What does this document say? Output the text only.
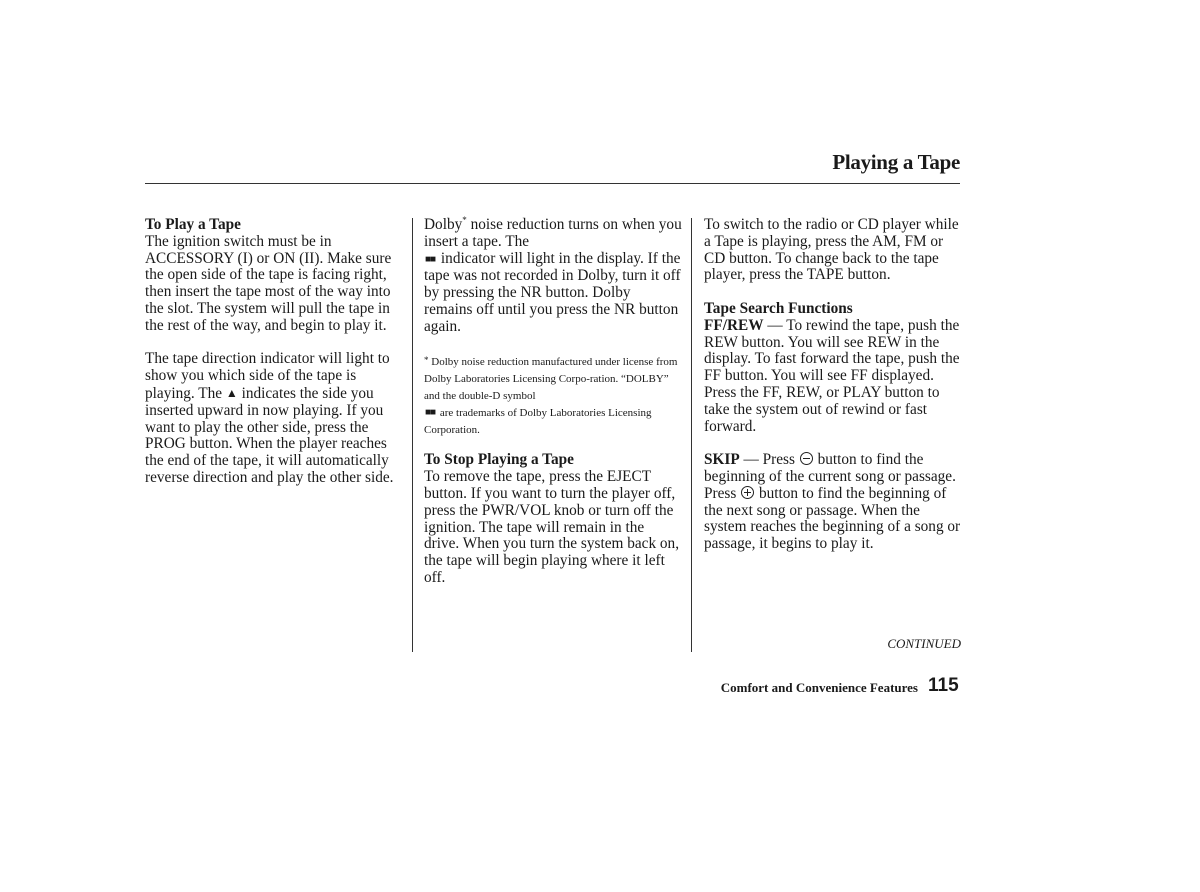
Playing a Tape

To Play a Tape

The ignition switch must be in ACCESSORY (I) or ON (II). Make sure the open side of the tape is facing right, then insert the tape most of the way into the slot. The system will pull the tape in the rest of the way, and begin to play it.

The tape direction indicator will light to show you which side of the tape is playing. The ▲ indicates the side you inserted upward in now playing. If you want to play the other side, press the PROG button. When the player reaches the end of the tape, it will automatically reverse direction and play the other side.

Dolby* noise reduction turns on when you insert a tape. The
■■ indicator will light in the display. If the tape was not recorded in Dolby, turn it off by pressing the NR button. Dolby remains off until you press the NR button again.

* Dolby noise reduction manufactured under license from Dolby Laboratories Licensing Corpo-ration. “DOLBY” and the double-D symbol
■■ are trademarks of Dolby Laboratories Licensing Corporation.

To Stop Playing a Tape

To remove the tape, press the EJECT button. If you want to turn the player off, press the PWR/VOL knob or turn off the ignition. The tape will remain in the drive. When you turn the system back on, the tape will begin playing where it left off.

To switch to the radio or CD player while a Tape is playing, press the AM, FM or CD button. To change back to the tape player, press the TAPE button.

Tape Search Functions

FF/REW — To rewind the tape, push the REW button. You will see REW in the display. To fast forward the tape, push the FF button. You will see FF displayed. Press the FF, REW, or PLAY button to take the system out of rewind or fast forward.

SKIP — Press button to find the beginning of the current song or passage. Press button to find the beginning of the next song or passage. When the system reaches the beginning of a song or passage, it begins to play it.

CONTINUED
Comfort and Convenience Features 115
